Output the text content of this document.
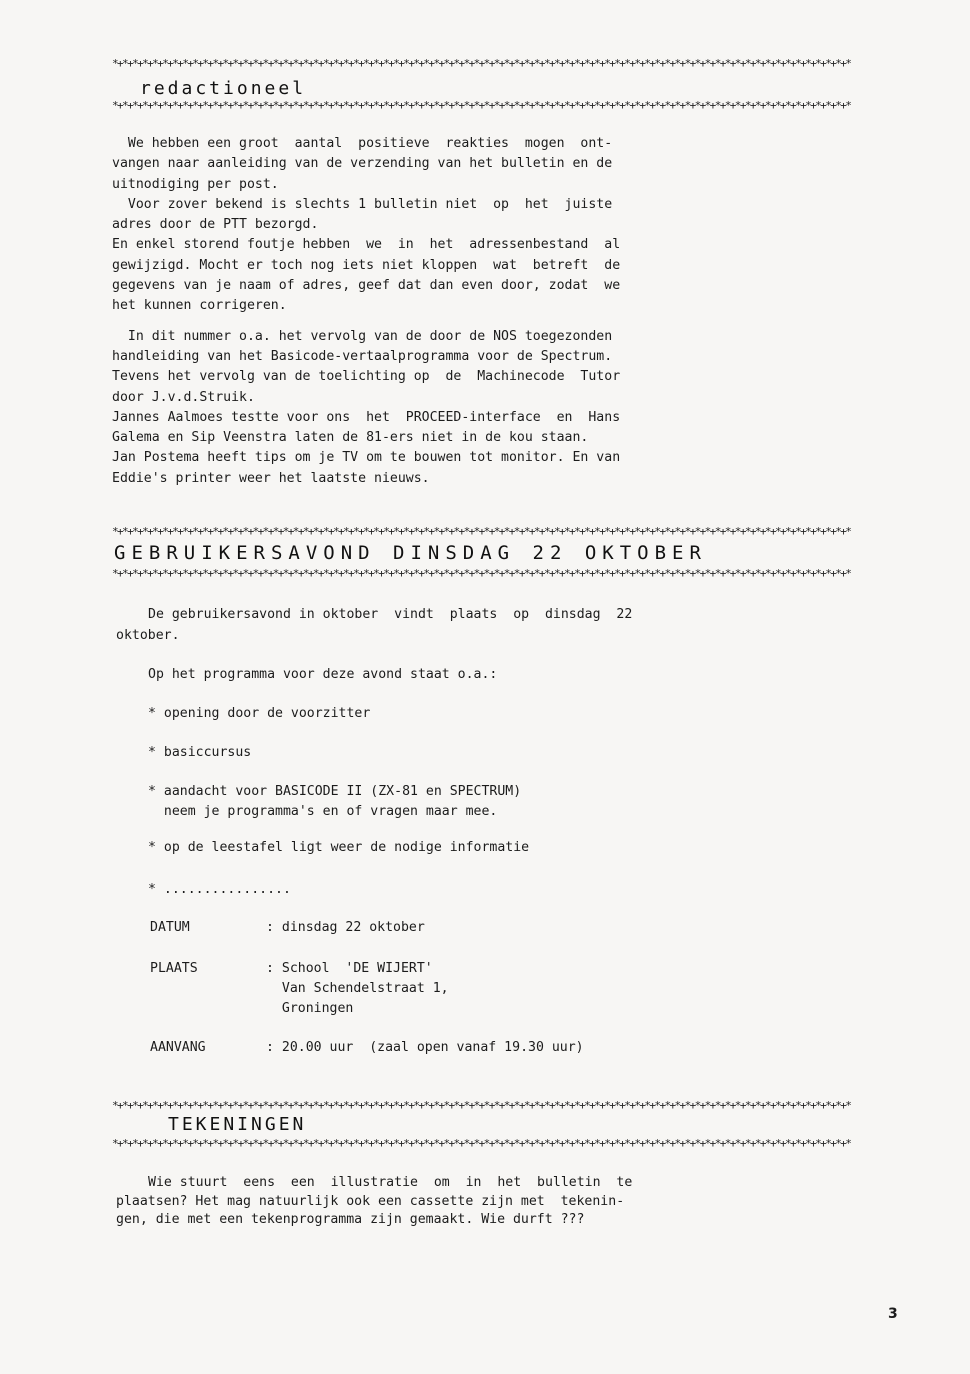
*+*+*+*+*+*+*+*+*+*+*+*+*+*+*+*+*+*+*+*+*+*+*+*+*+*+*+*+*+*+*+*+*+*+*+*+*+*+*+*+*+*+*+*+*+*+*+*+*+*+*+*+*+*+*+*+*+*+*+*+*+*+*+*+*+*+*+*+*+*+*+*+*+*
redactioneel
*+*+*+*+*+*+*+*+*+*+*+*+*+*+*+*+*+*+*+*+*+*+*+*+*+*+*+*+*+*+*+*+*+*+*+*+*+*+*+*+*+*+*+*+*+*+*+*+*+*+*+*+*+*+*+*+*+*+*+*+*+*+*+*+*+*+*+*+*+*+*+*+*+*

We hebben een groot  aantal  positieve  reakties  mogen  ont-

vangen naar aanleiding van de verzending van het bulletin en de

uitnodiging per post.

Voor zover bekend is slechts 1 bulletin niet  op  het  juiste

adres door de PTT bezorgd.

En enkel storend foutje hebben  we  in  het  adressenbestand  al

gewijzigd. Mocht er toch nog iets niet kloppen  wat  betreft  de

gegevens van je naam of adres, geef dat dan even door, zodat  we

het kunnen corrigeren.

In dit nummer o.a. het vervolg van de door de NOS toegezonden

handleiding van het Basicode-vertaalprogramma voor de Spectrum.

Tevens het vervolg van de toelichting op  de  Machinecode  Tutor

door J.v.d.Struik.

Jannes Aalmoes testte voor ons  het  PROCEED-interface  en  Hans

Galema en Sip Veenstra laten de 81-ers niet in de kou staan.

Jan Postema heeft tips om je TV om te bouwen tot monitor. En van

Eddie's printer weer het laatste nieuws.

*+*+*+*+*+*+*+*+*+*+*+*+*+*+*+*+*+*+*+*+*+*+*+*+*+*+*+*+*+*+*+*+*+*+*+*+*+*+*+*+*+*+*+*+*+*+*+*+*+*+*+*+*+*+*+*+*+*+*+*+*+*+*+*+*+*+*+*+*+*+*+*+*+*
GEBRUIKERSAVOND DINSDAG 22 OKTOBER
*+*+*+*+*+*+*+*+*+*+*+*+*+*+*+*+*+*+*+*+*+*+*+*+*+*+*+*+*+*+*+*+*+*+*+*+*+*+*+*+*+*+*+*+*+*+*+*+*+*+*+*+*+*+*+*+*+*+*+*+*+*+*+*+*+*+*+*+*+*+*+*+*+*

De gebruikersavond in oktober  vindt  plaats  op  dinsdag  22

oktober.
Op het programma voor deze avond staat o.a.:
* opening door de voorzitter
* basiccursus
* aandacht voor BASICODE II (ZX-81 en SPECTRUM)
neem je programma's en of vragen maar mee.
* op de leestafel ligt weer de nodige informatie
* ................
DATUM	: dinsdag 22 oktober
PLAATS	: School  'DE WIJERT'
Van Schendelstraat 1,
Groningen
AANVANG	: 20.00 uur  (zaal open vanaf 19.30 uur)
*+*+*+*+*+*+*+*+*+*+*+*+*+*+*+*+*+*+*+*+*+*+*+*+*+*+*+*+*+*+*+*+*+*+*+*+*+*+*+*+*+*+*+*+*+*+*+*+*+*+*+*+*+*+*+*+*+*+*+*+*+*+*+*+*+*+*+*+*+*+*+*+*+*
TEKENINGEN
*+*+*+*+*+*+*+*+*+*+*+*+*+*+*+*+*+*+*+*+*+*+*+*+*+*+*+*+*+*+*+*+*+*+*+*+*+*+*+*+*+*+*+*+*+*+*+*+*+*+*+*+*+*+*+*+*+*+*+*+*+*+*+*+*+*+*+*+*+*+*+*+*+*

Wie stuurt  eens  een  illustratie  om  in  het  bulletin  te

plaatsen? Het mag natuurlijk ook een cassette zijn met  tekenin-
gen, die met een tekenprogramma zijn gemaakt. Wie durft ???
3
